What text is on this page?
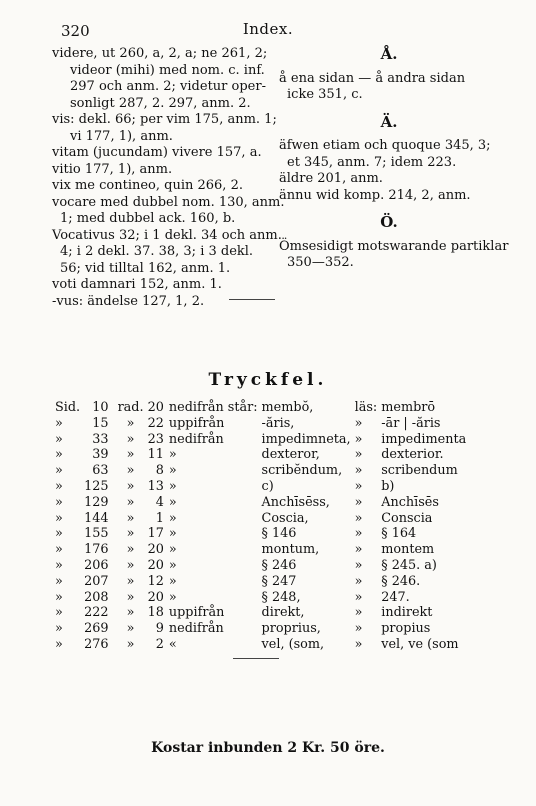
320	Index.
videre, ut 260, a, 2, a; ne 261, 2;
videor (mihi) med nom. c. inf.
297 och anm. 2; videtur oper-
sonligt 287, 2. 297, anm. 2.
vis: dekl. 66; per vim 175, anm. 1;
vi 177, 1), anm.
vitam (jucundam) vivere 157, a.
vitio 177, 1), anm.
vix me contineo, quin 266, 2.
vocare med dubbel nom. 130, anm.
1; med dubbel ack. 160, b.
Vocativus 32; i 1 dekl. 34 och anm.
4; i 2 dekl. 37. 38, 3; i 3 dekl.
56; vid tilltal 162, anm. 1.
voti damnari 152, anm. 1.
-vus: ändelse 127, 1, 2.
Å.
å ena sidan — å andra sidan
icke 351, c.
Ä.
äfwen etiam och quoque 345, 3;
et 345, anm. 7; idem 223.
äldre 201, anm.
ännu wid komp. 214, 2, anm.
Ö.
Ömsesidigt motswarande partiklar
350—352.
Tryckfel.
Sid.	10	rad.	20	nedifrån står:	membŏ,	läs:	membrō
»	15	»	22	uppifrån	-ăris,	»	-ār | -ăris
»	33	»	23	nedifrån	impedimneta,	»	impedimenta
»	39	»	11	»	dexteror,	»	dexterior.
»	63	»	8	»	scribĕndum,	»	scribendum
»	125	»	13	»	c)	»	b)
»	129	»	4	»	Anchīsēss,	»	Anchīsēs
»	144	»	1	»	Coscia,	»	Conscia
»	155	»	17	»	§ 146	»	§ 164
»	176	»	20	»	montum,	»	montem
»	206	»	20	»	§ 246	»	§ 245. a)
»	207	»	12	»	§ 247	»	§ 246.
»	208	»	20	»	§ 248,	»	247.
»	222	»	18	uppifrån	direkt,	»	indirekt
»	269	»	9	nedifrån	proprius,	»	propius
»	276	»	2	«	vel, (som,	»	vel, ve (som
Kostar inbunden 2 Kr. 50 öre.
